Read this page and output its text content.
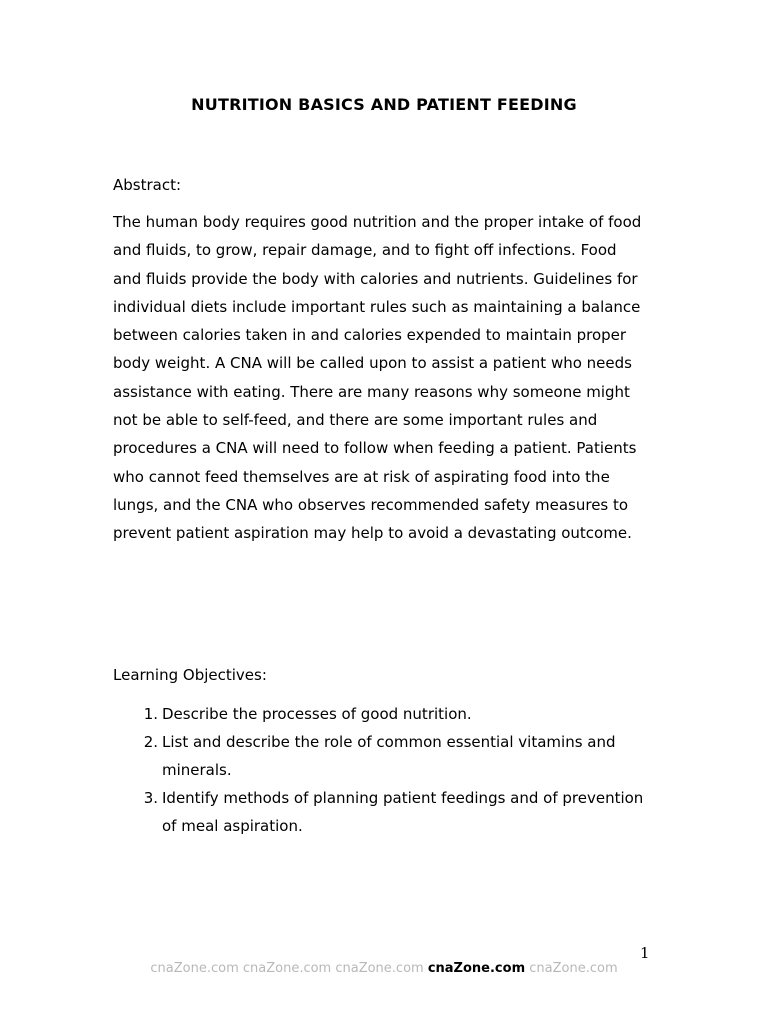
NUTRITION BASICS AND PATIENT FEEDING

Abstract:

The human body requires good nutrition and the proper intake of food
and fluids, to grow, repair damage, and to fight off infections. Food
and fluids provide the body with calories and nutrients. Guidelines for
individual diets include important rules such as maintaining a balance
between calories taken in and calories expended to maintain proper
body weight. A CNA will be called upon to assist a patient who needs
assistance with eating. There are many reasons why someone might
not be able to self-feed, and there are some important rules and
procedures a CNA will need to follow when feeding a patient. Patients
who cannot feed themselves are at risk of aspirating food into the
lungs, and the CNA who observes recommended safety measures to
prevent patient aspiration may help to avoid a devastating outcome.

Learning Objectives:

1. Describe the processes of good nutrition.
2. List and describe the role of common essential vitamins and
minerals.
3. Identify methods of planning patient feedings and of prevention
of meal aspiration.
1
cnaZone.com cnaZone.com cnaZone.com cnaZone.com cnaZone.com
